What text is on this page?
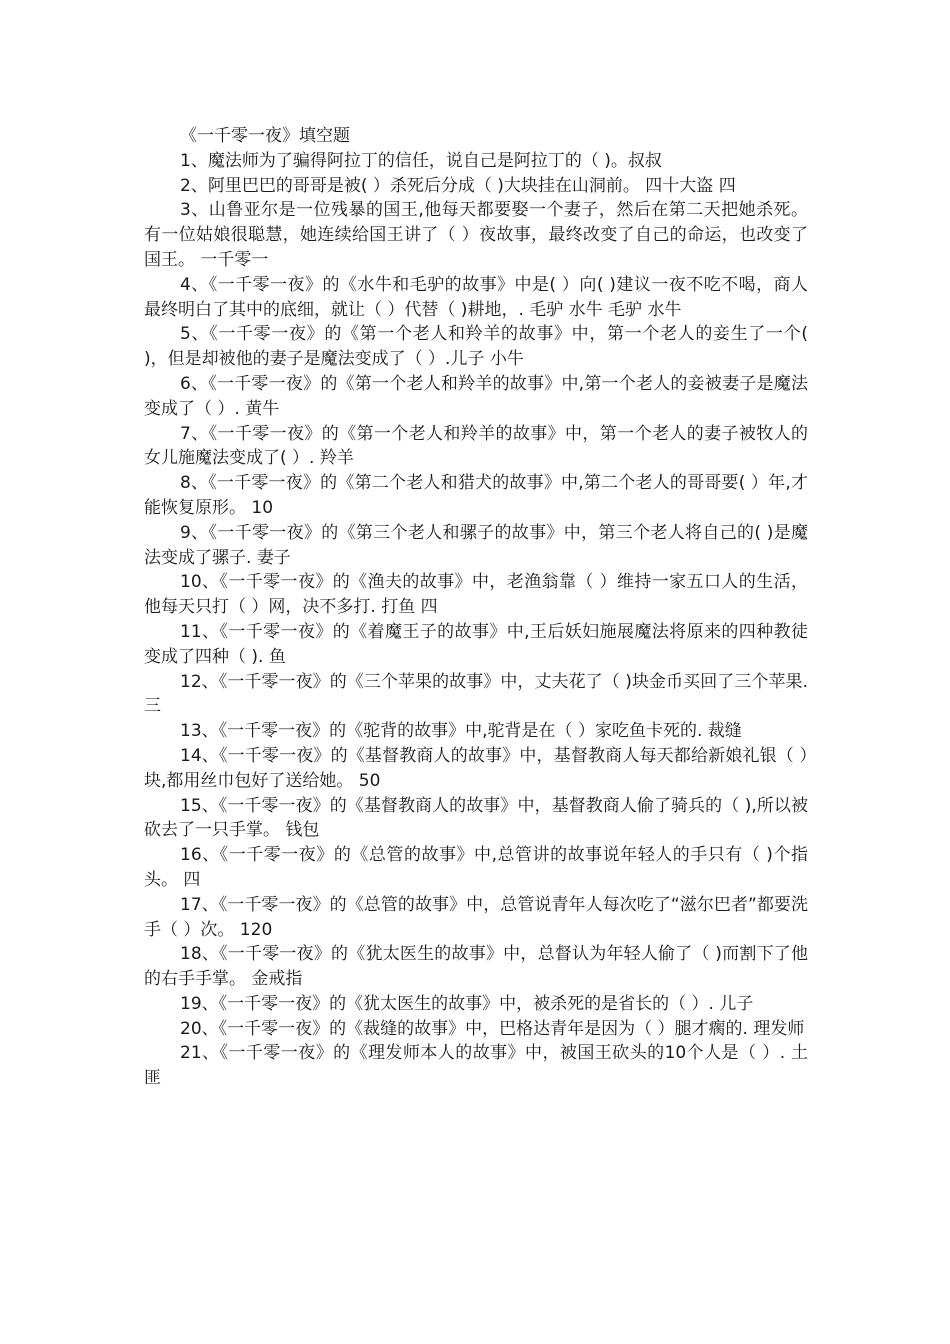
《一千零一夜》填空题

1、魔法师为了骗得阿拉丁的信任，说自己是阿拉丁的（ )。叔叔

2、阿里巴巴的哥哥是被( ）杀死后分成（ )大块挂在山洞前。 四十大盗 四

3、山鲁亚尔是一位残暴的国王,他每天都要娶一个妻子，然后在第二天把她杀死。有一位姑娘很聪慧，她连续给国王讲了（ ）夜故事，最终改变了自己的命运，也改变了国王。 一千零一

4、《一千零一夜》的《水牛和毛驴的故事》中是( ）向( )建议一夜不吃不喝，商人最终明白了其中的底细，就让（ ）代替（ )耕地，. 毛驴 水牛 毛驴 水牛

5、《一千零一夜》的《第一个老人和羚羊的故事》中，第一个老人的妾生了一个( )，但是却被他的妻子是魔法变成了（ ）.儿子 小牛

6、《一千零一夜》的《第一个老人和羚羊的故事》中,第一个老人的妾被妻子是魔法变成了（ ）. 黄牛

7、《一千零一夜》的《第一个老人和羚羊的故事》中，第一个老人的妻子被牧人的女儿施魔法变成了( ）. 羚羊

8、《一千零一夜》的《第二个老人和猎犬的故事》中,第二个老人的哥哥要( ）年,才能恢复原形。 10

9、《一千零一夜》的《第三个老人和骡子的故事》中，第三个老人将自己的( )是魔法变成了骡子. 妻子

10、《一千零一夜》的《渔夫的故事》中，老渔翁靠（ ）维持一家五口人的生活，他每天只打（ ）网，决不多打. 打鱼 四

11、《一千零一夜》的《着魔王子的故事》中,王后妖妇施展魔法将原来的四种教徒变成了四种（ ). 鱼

12、《一千零一夜》的《三个苹果的故事》中，丈夫花了（ )块金币买回了三个苹果. 三

13、《一千零一夜》的《驼背的故事》中,驼背是在（ ）家吃鱼卡死的. 裁缝

14、《一千零一夜》的《基督教商人的故事》中，基督教商人每天都给新娘礼银（ ）块,都用丝巾包好了送给她。 50

15、《一千零一夜》的《基督教商人的故事》中，基督教商人偷了骑兵的（ ),所以被砍去了一只手掌。 钱包

16、《一千零一夜》的《总管的故事》中,总管讲的故事说年轻人的手只有（ )个指头。 四

17、《一千零一夜》的《总管的故事》中，总管说青年人每次吃了“滋尔巴者”都要洗手（ ）次。 120

18、《一千零一夜》的《犹太医生的故事》中，总督认为年轻人偷了（ )而割下了他的右手手掌。 金戒指

19、《一千零一夜》的《犹太医生的故事》中，被杀死的是省长的（ ）. 儿子

20、《一千零一夜》的《裁缝的故事》中，巴格达青年是因为（ ）腿才瘸的. 理发师

21、《一千零一夜》的《理发师本人的故事》中，被国王砍头的10个人是（ ）. 土匪
